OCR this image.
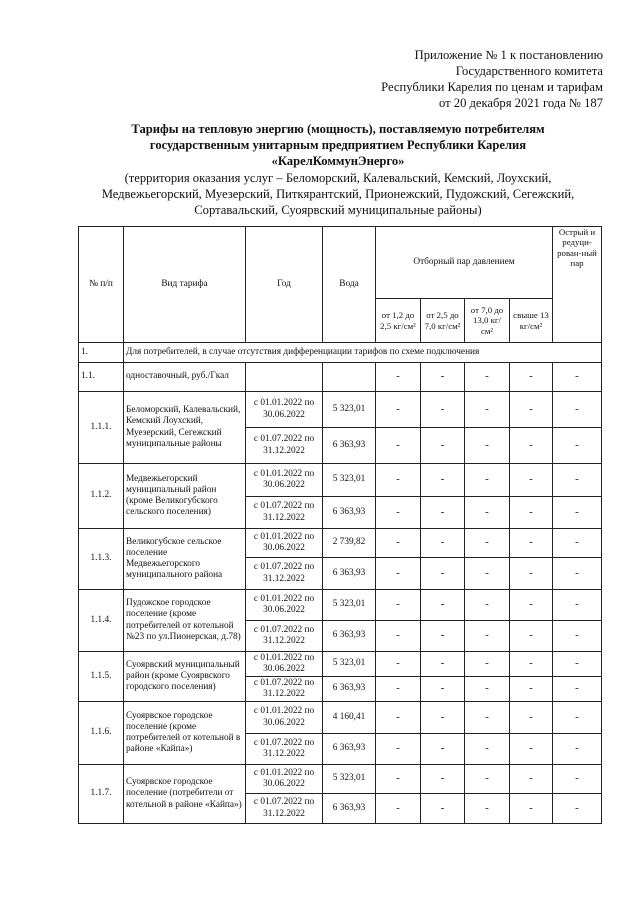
Приложение № 1 к постановлению
Государственного комитета
Республики Карелия по ценам и тарифам
от 20 декабря 2021 года № 187
Тарифы на тепловую энергию (мощность), поставляемую потребителям
государственным унитарным предприятием Республики Карелия
«КарелКоммунЭнерго»
(территория оказания услуг – Беломорский, Калевальский, Кемский, Лоухский,
Медвежьегорский, Муезерский, Питкярантский, Прионежский, Пудожский, Сегежский,
Сортавальский, Суоярвский муниципальные районы)
№ п/п	Вид тарифа	Год	Вода	Отборный пар давлением				Острый и редуци-рован-ный пар
				от 1,2 до 2,5 кг/см²	от 2,5 до 7,0 кг/см²	от 7,0 до 13,0 кг/см²	свыше 13 кг/см²	
1.	Для потребителей, в случае отсутствия дифференциации тарифов по схеме подключения							
1.1.	одноставочный, руб./Гкал			-	-	-	-	-
1.1.1.	Беломорский, Калевальский, Кемский Лоухский, Муезерский, Сегежский муниципальные районы	с 01.01.2022 по 30.06.2022	5 323,01	-	-	-	-	-
		с 01.07.2022 по 31.12.2022	6 363,93	-	-	-	-	-
1.1.2.	Медвежьегорский муниципальный район (кроме Великогубского сельского поселения)	с 01.01.2022 по 30.06.2022	5 323,01	-	-	-	-	-
		с 01.07.2022 по 31.12.2022	6 363,93	-	-	-	-	-
1.1.3.	Великогубское сельское поселение Медвежьегорского муниципального района	с 01.01.2022 по 30.06.2022	2 739,82	-	-	-	-	-
		с 01.07.2022 по 31.12.2022	6 363,93	-	-	-	-	-
1.1.4.	Пудожское городское поселение (кроме потребителей от котельной №23 по ул.Пионерская, д.78)	с 01.01.2022 по 30.06.2022	5 323,01	-	-	-	-	-
		с 01.07.2022 по 31.12.2022	6 363,93	-	-	-	-	-
1.1.5.	Суоярвский муниципальный район (кроме Суоярвского городского поселения)	с 01.01.2022 по 30.06.2022	5 323,01	-	-	-	-	-
		с 01.07.2022 по 31.12.2022	6 363,93	-	-	-	-	-
1.1.6.	Суоярвское городское поселение (кроме потребителей от котельной в районе «Кайпа»)	с 01.01.2022 по 30.06.2022	4 160,41	-	-	-	-	-
		с 01.07.2022 по 31.12.2022	6 363,93	-	-	-	-	-
1.1.7.	Суоярвское городское поселение (потребители от котельной в районе «Кайпа»)	с 01.01.2022 по 30.06.2022	5 323,01	-	-	-	-	-
		с 01.07.2022 по 31.12.2022	6 363,93	-	-	-	-	-
